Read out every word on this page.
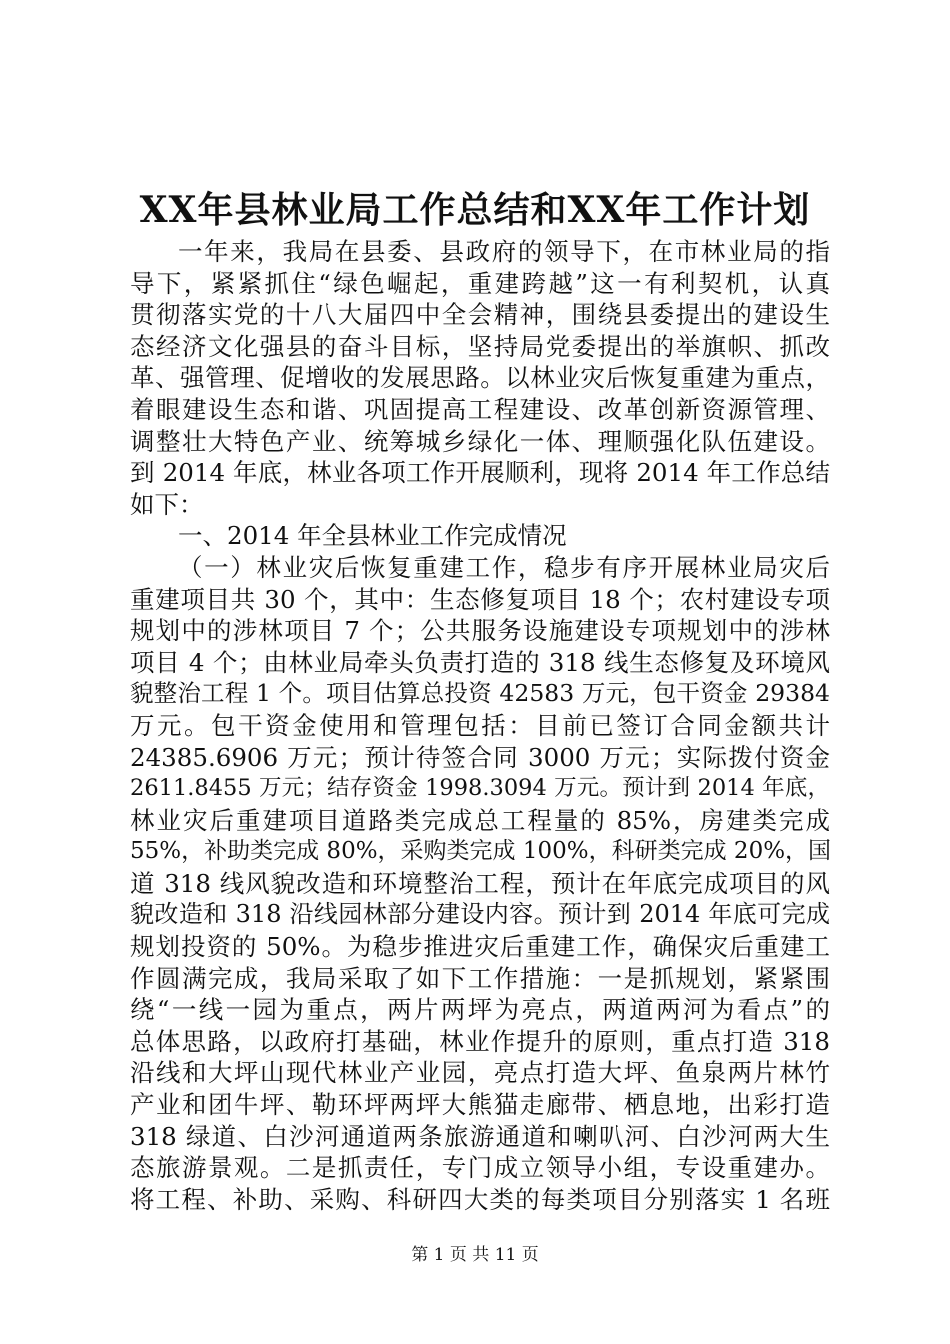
XX年县林业局工作总结和XX年工作计划
一年来，我局在县委、县政府的领导下，在市林业局的指
导下，紧紧抓住“绿色崛起，重建跨越”这一有利契机，认真
贯彻落实党的十八大届四中全会精神，围绕县委提出的建设生
态经济文化强县的奋斗目标，坚持局党委提出的举旗帜、抓改
革、强管理、促增收的发展思路。以林业灾后恢复重建为重点，
着眼建设生态和谐、巩固提高工程建设、改革创新资源管理、
调整壮大特色产业、统筹城乡绿化一体、理顺强化队伍建设。
到 2014 年底，林业各项工作开展顺利，现将 2014 年工作总结
如下：
一、2014 年全县林业工作完成情况
（一）林业灾后恢复重建工作，稳步有序开展林业局灾后
重建项目共 30 个，其中：生态修复项目 18 个；农村建设专项
规划中的涉林项目 7 个；公共服务设施建设专项规划中的涉林
项目 4 个；由林业局牵头负责打造的 318 线生态修复及环境风
貌整治工程 1 个。项目估算总投资 42583 万元，包干资金 29384
万元。包干资金使用和管理包括：目前已签订合同金额共计
24385.6906 万元；预计待签合同 3000 万元；实际拨付资金
2611.8455 万元；结存资金 1998.3094 万元。预计到 2014 年底，
林业灾后重建项目道路类完成总工程量的 85%，房建类完成
55%，补助类完成 80%，采购类完成 100%，科研类完成 20%，国
道 318 线风貌改造和环境整治工程，预计在年底完成项目的风
貌改造和 318 沿线园林部分建设内容。预计到 2014 年底可完成
规划投资的 50%。为稳步推进灾后重建工作，确保灾后重建工
作圆满完成，我局采取了如下工作措施：一是抓规划，紧紧围
绕“一线一园为重点，两片两坪为亮点，两道两河为看点”的
总体思路，以政府打基础，林业作提升的原则，重点打造 318
沿线和大坪山现代林业产业园，亮点打造大坪、鱼泉两片林竹
产业和团牛坪、勒环坪两坪大熊猫走廊带、栖息地，出彩打造
318 绿道、白沙河通道两条旅游通道和喇叭河、白沙河两大生
态旅游景观。二是抓责任，专门成立领导小组，专设重建办。
将工程、补助、采购、科研四大类的每类项目分别落实 1 名班
第 1 页 共 11 页
